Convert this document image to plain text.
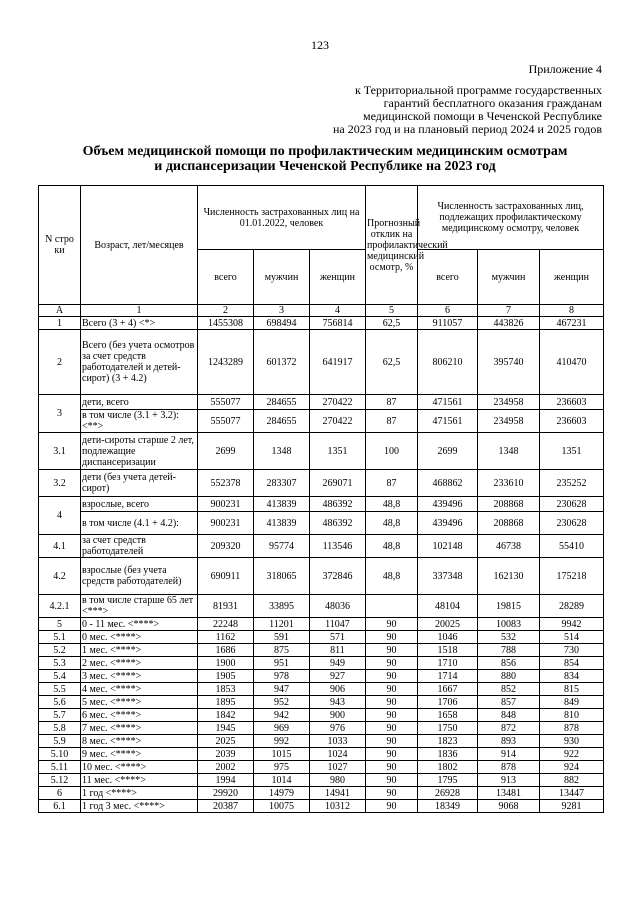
123
Приложение 4
к Территориальной программе государственных
гарантий бесплатного оказания гражданам
медицинской помощи в Чеченской Республике
на 2023 год и на плановый период 2024 и 2025 годов
Объем медицинской помощи по профилактическим медицинским осмотрам
и диспансеризации Чеченской Республике на 2023 год
N стро ки	Возраст, лет/месяцев	Численность застрахованных лиц на 01.01.2022, человек			Прогнозный отклик на профилактический медицинский осмотр, %	Численность застрахованных лиц, подлежащих профилактическому медицинскому осмотру, человек		
		всего	мужчин	женщин		всего	мужчин	женщин
А	1	2	3	4	5	6	7	8
1	Всего (3 + 4) <*>	1455308	698494	756814	62,5	911057	443826	467231
2	Всего (без учета осмотров за счет средств работодателей и детей-сирот) (3 + 4.2)	1243289	601372	641917	62,5	806210	395740	410470
3	дети, всего	555077	284655	270422	87	471561	234958	236603
	в том числе (3.1 + 3.2): <**>	555077	284655	270422	87	471561	234958	236603
3.1	дети-сироты старше 2 лет, подлежащие диспансеризации	2699	1348	1351	100	2699	1348	1351
3.2	дети (без учета детей-сирот)	552378	283307	269071	87	468862	233610	235252
4	взрослые, всего	900231	413839	486392	48,8	439496	208868	230628
	в том числе (4.1 + 4.2):	900231	413839	486392	48,8	439496	208868	230628
4.1	за счет средств работодателей	209320	95774	113546	48,8	102148	46738	55410
4.2	взрослые (без учета средств работодателей)	690911	318065	372846	48,8	337348	162130	175218
4.2.1	в том числе старше 65 лет <***>	81931	33895	48036		48104	19815	28289
5	0 - 11 мес. <****>	22248	11201	11047	90	20025	10083	9942
5.1	0 мес. <****>	1162	591	571	90	1046	532	514
5.2	1 мес. <****>	1686	875	811	90	1518	788	730
5.3	2 мес. <****>	1900	951	949	90	1710	856	854
5.4	3 мес. <****>	1905	978	927	90	1714	880	834
5.5	4 мес. <****>	1853	947	906	90	1667	852	815
5.6	5 мес. <****>	1895	952	943	90	1706	857	849
5.7	6 мес. <****>	1842	942	900	90	1658	848	810
5.8	7 мес. <****>	1945	969	976	90	1750	872	878
5.9	8 мес. <****>	2025	992	1033	90	1823	893	930
5.10	9 мес. <****>	2039	1015	1024	90	1836	914	922
5.11	10 мес. <****>	2002	975	1027	90	1802	878	924
5.12	11 мес. <****>	1994	1014	980	90	1795	913	882
6	1 год <****>	29920	14979	14941	90	26928	13481	13447
6.1	1 год 3 мес. <****>	20387	10075	10312	90	18349	9068	9281
